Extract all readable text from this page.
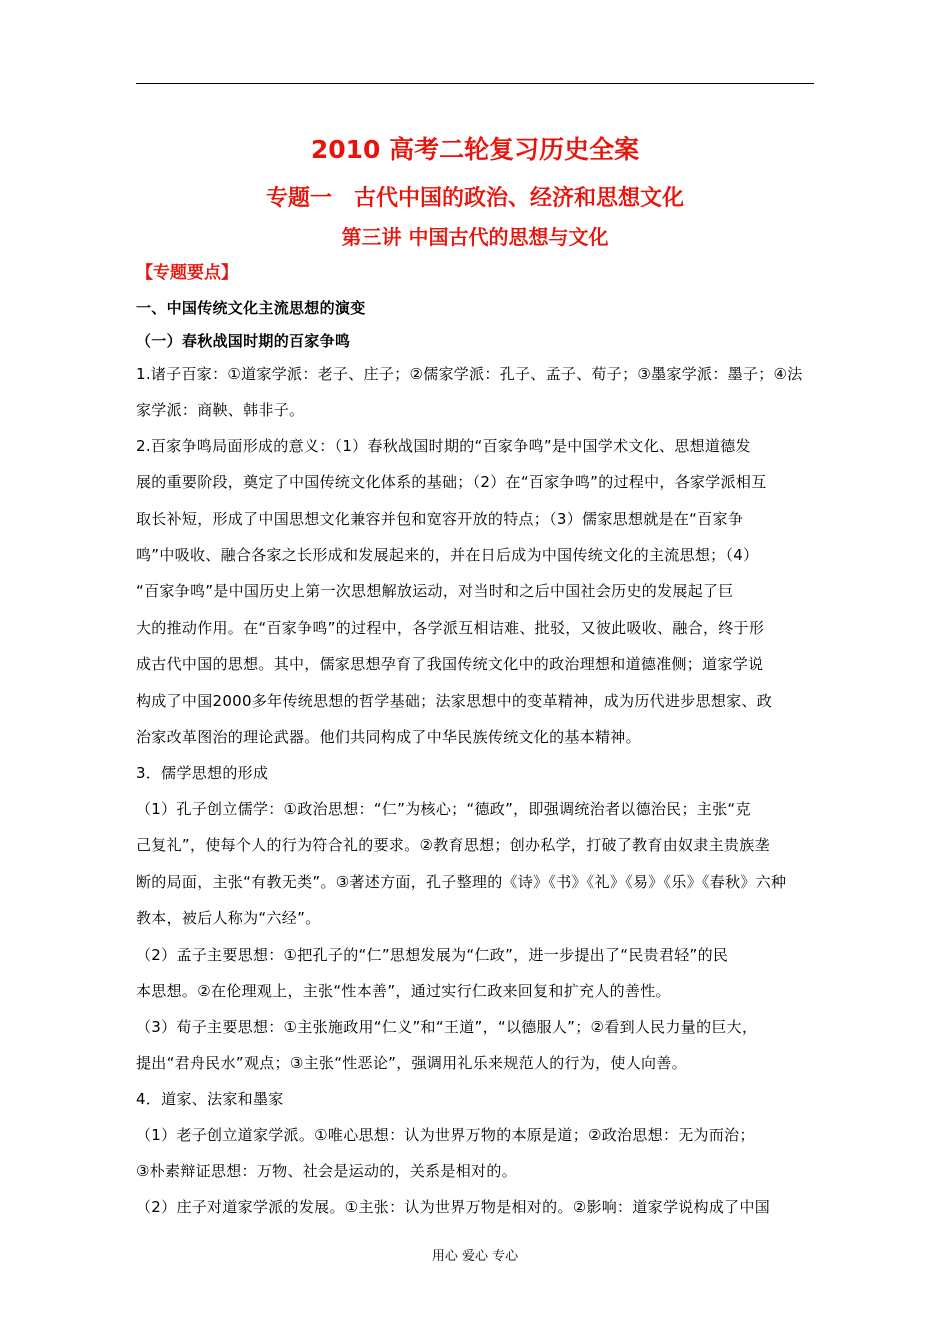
2010 高考二轮复习历史全案
专题一　古代中国的政治、经济和思想文化
第三讲 中国古代的思想与文化
【专题要点】
一、中国传统文化主流思想的演变
（一）春秋战国时期的百家争鸣
1.诸子百家：①道家学派：老子、庄子；②儒家学派：孔子、孟子、荀子；③墨家学派：墨子；④法
家学派：商鞅、韩非子。
2.百家争鸣局面形成的意义：（1）春秋战国时期的“百家争鸣”是中国学术文化、思想道德发
展的重要阶段，奠定了中国传统文化体系的基础；（2）在“百家争鸣”的过程中，各家学派相互
取长补短，形成了中国思想文化兼容并包和宽容开放的特点；（3）儒家思想就是在“百家争
鸣”中吸收、融合各家之长形成和发展起来的，并在日后成为中国传统文化的主流思想；（4）
“百家争鸣”是中国历史上第一次思想解放运动，对当时和之后中国社会历史的发展起了巨
大的推动作用。在“百家争鸣”的过程中，各学派互相诘难、批驳，又彼此吸收、融合，终于形
成古代中国的思想。其中，儒家思想孕育了我国传统文化中的政治理想和道德准侧；道家学说
构成了中国2000多年传统思想的哲学基础；法家思想中的变革精神，成为历代进步思想家、政
治家改革图治的理论武器。他们共同构成了中华民族传统文化的基本精神。
3．儒学思想的形成
（1）孔子创立儒学：①政治思想：“仁”为核心；“德政”，即强调统治者以德治民；主张“克
己复礼”，使每个人的行为符合礼的要求。②教育思想；创办私学，打破了教育由奴隶主贵族垄
断的局面，主张“有教无类”。③著述方面，孔子整理的《诗》《书》《礼》《易》《乐》《春秋》六种
教本，被后人称为“六经”。
（2）孟子主要思想：①把孔子的“仁”思想发展为“仁政”，进一步提出了“民贵君轻”的民
本思想。②在伦理观上，主张“性本善”，通过实行仁政来回复和扩充人的善性。
（3）荀子主要思想：①主张施政用“仁义”和“王道”，“以德服人”；②看到人民力量的巨大，
提出“君舟民水”观点；③主张“性恶论”，强调用礼乐来规范人的行为，使人向善。
4．道家、法家和墨家
（1）老子创立道家学派。①唯心思想：认为世界万物的本原是道；②政治思想：无为而治；
③朴素辩证思想：万物、社会是运动的，关系是相对的。
（2）庄子对道家学派的发展。①主张：认为世界万物是相对的。②影响：道家学说构成了中国
用心 爱心 专心
